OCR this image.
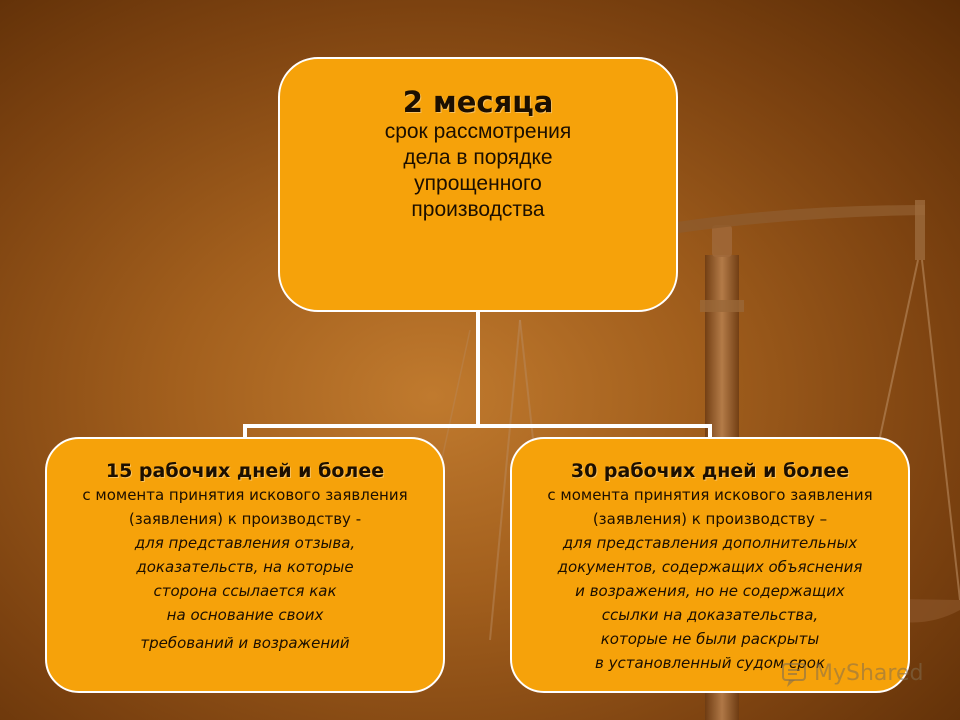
2 месяца
срок рассмотрения
дела в порядке
упрощенного
производства
15 рабочих дней и более
с момента принятия искового заявления
(заявления) к производству -
для представления отзыва,
доказательств, на которые
сторона ссылается как
на основание своих
требований и возражений
30 рабочих дней и более
с момента принятия искового заявления
(заявления) к производству –
для представления дополнительных
документов, содержащих объяснения
и возражения, но не содержащих
ссылки на доказательства,
которые не были раскрыты
в установленный судом срок
MyShared
